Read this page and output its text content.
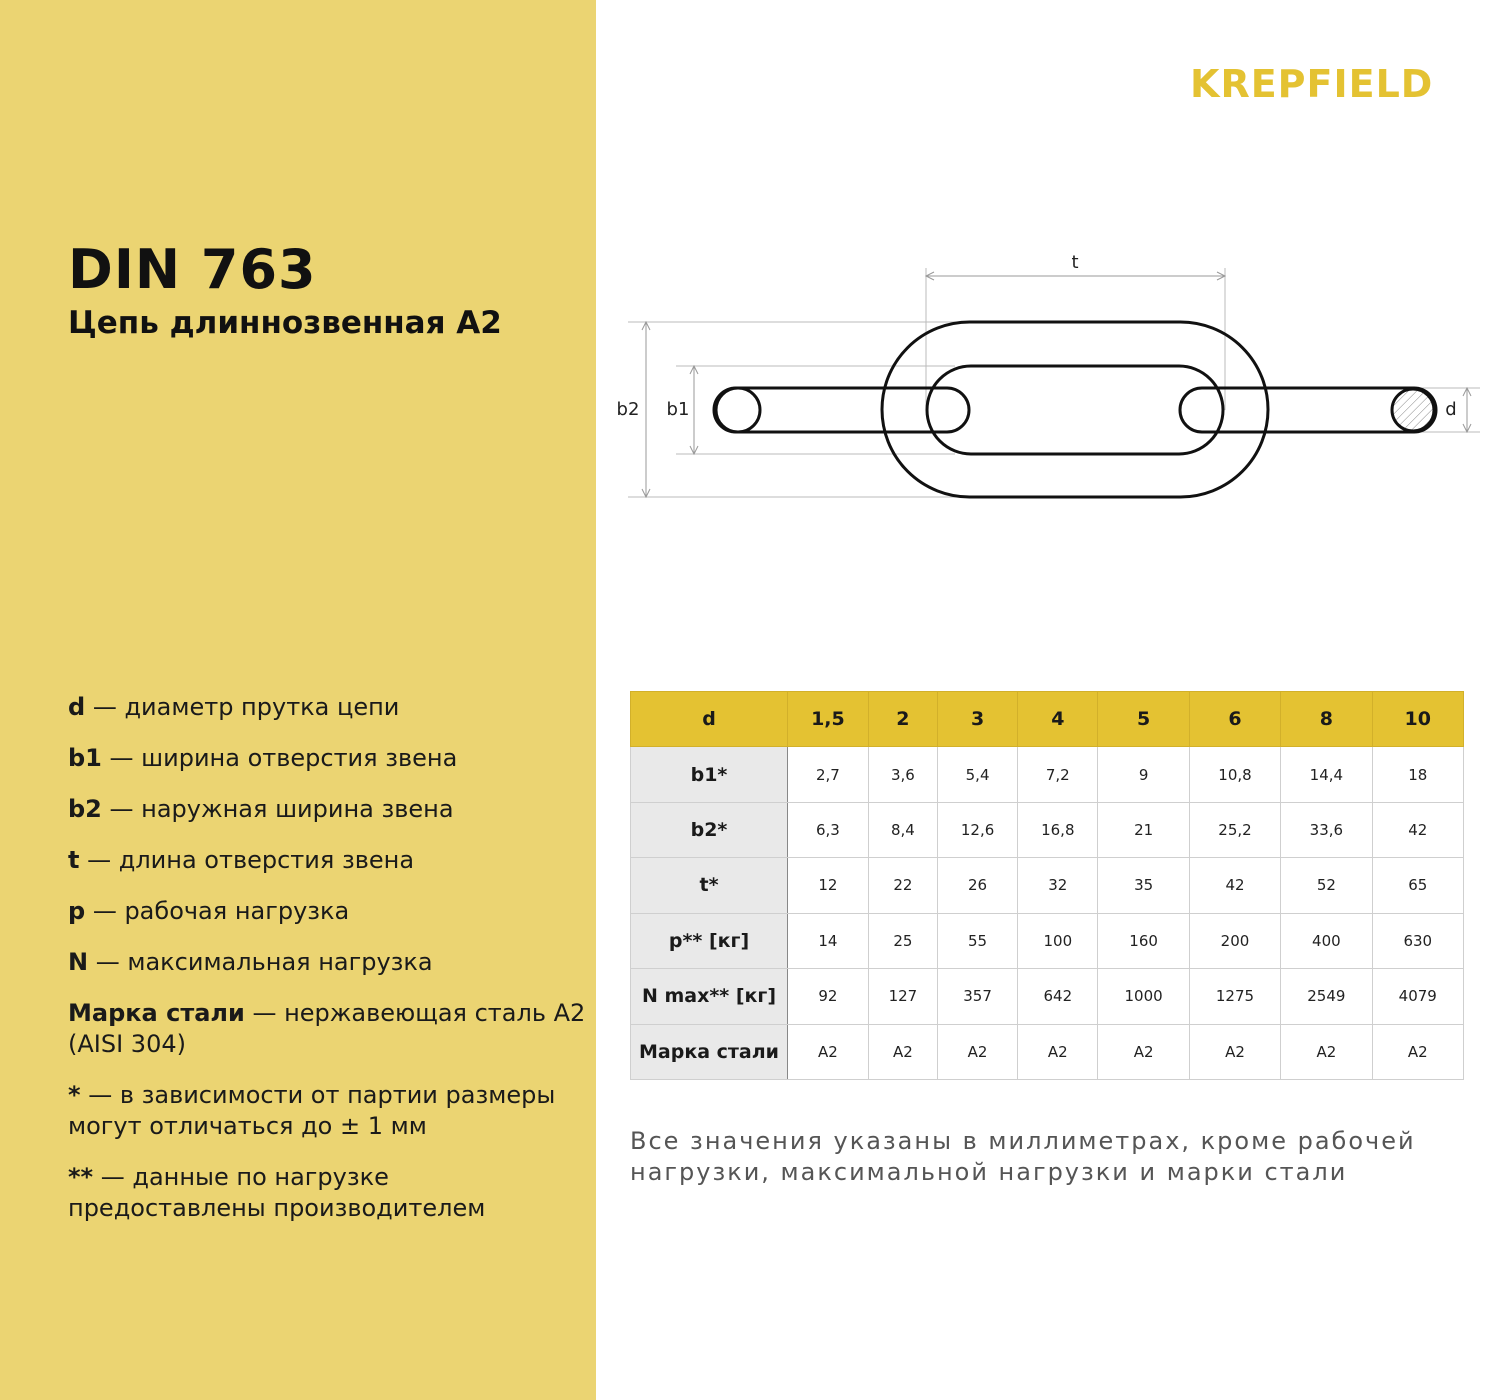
DIN 763
Цепь длиннозвенная А2
d — диаметр прутка цепи
b1 — ширина отверстия звена
b2 — наружная ширина звена
t — длина отверстия звена
p — рабочая нагрузка
N — максимальная нагрузка
Марка стали — нержавеющая сталь А2 (AISI 304)
* — в зависимости от партии размеры могут отличаться до ± 1 мм
** — данные по нагрузке предоставлены производителем
KREPFIELD
t
b2 b1	d
d	1,5	2	3	4	5	6	8	10
b1*	2,7	3,6	5,4	7,2	9	10,8	14,4	18
b2*	6,3	8,4	12,6	16,8	21	25,2	33,6	42
t*	12	22	26	32	35	42	52	65
p** [кг]	14	25	55	100	160	200	400	630
N max** [кг]	92	127	357	642	1000	1275	2549	4079
Марка стали	A2	A2	A2	A2	A2	A2	A2	A2
Все значения указаны в миллиметрах, кроме рабочей нагрузки, максимальной нагрузки и марки стали
